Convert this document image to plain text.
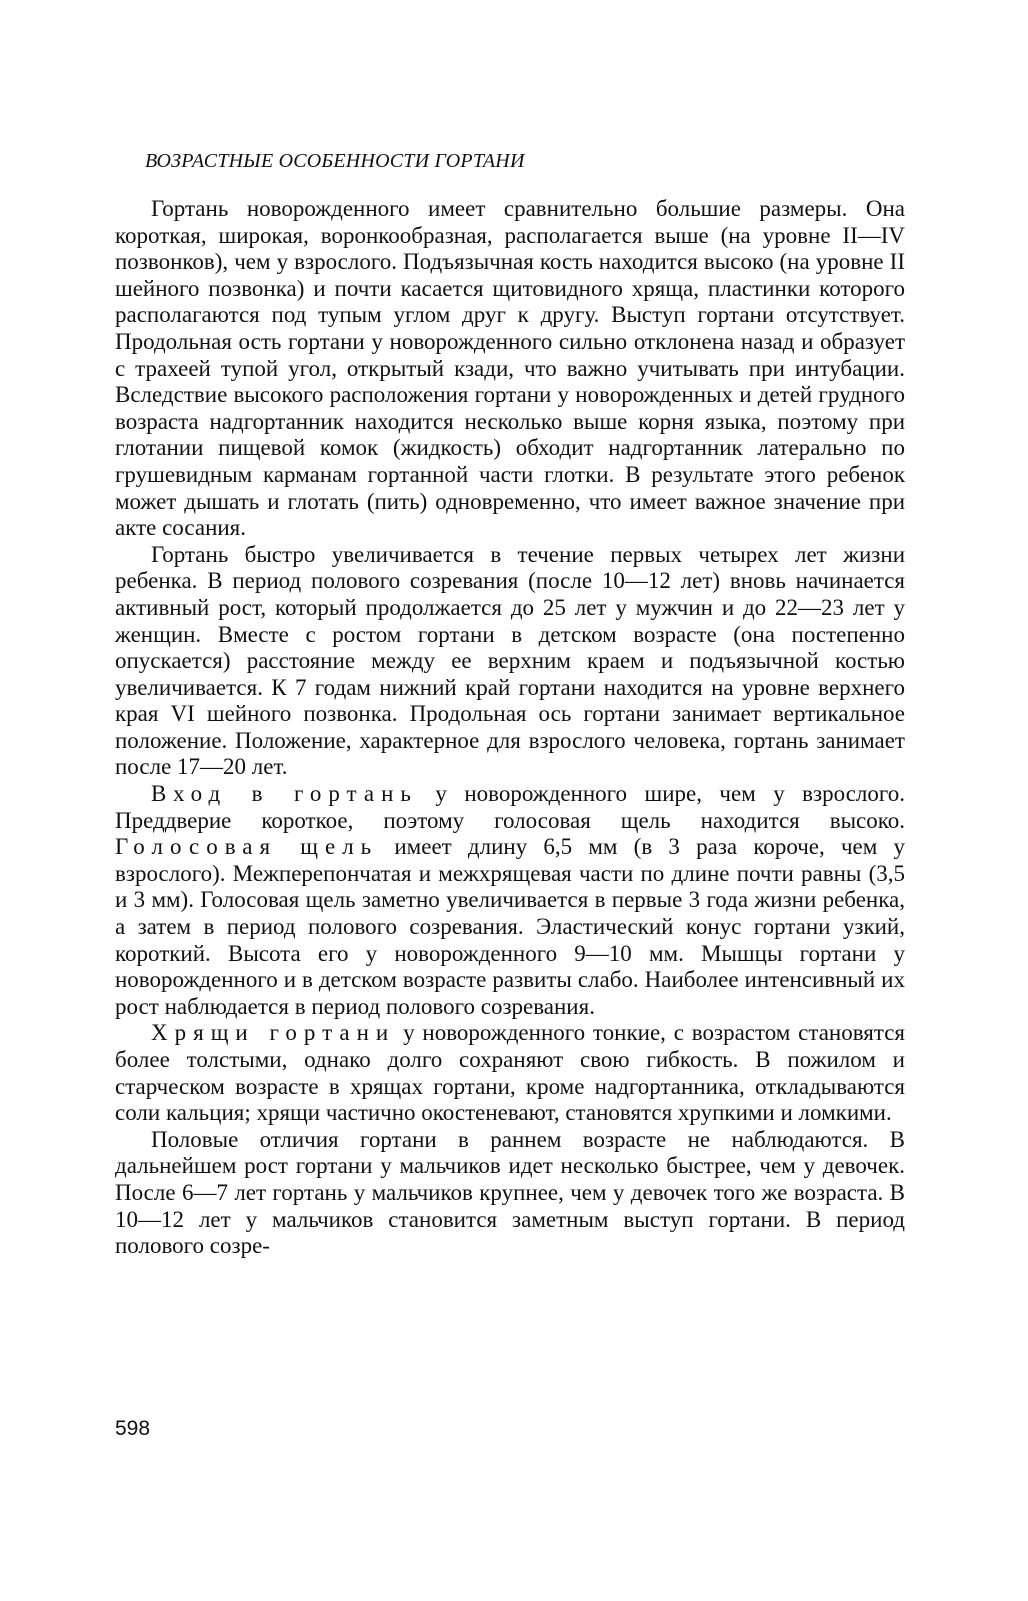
ВОЗРАСТНЫЕ ОСОБЕННОСТИ ГОРТАНИ

Гортань новорожденного имеет сравнительно большие размеры. Она короткая, широкая, воронкообразная, располагается выше (на уровне II—IV позвонков), чем у взрослого. Подъязычная кость находится высоко (на уровне II шейного позвонка) и почти касается щитовидного хряща, пластинки которого располагаются под тупым углом друг к другу. Выступ гортани отсутствует. Продольная ость гортани у новорожденного сильно отклонена назад и образует с трахеей тупой угол, открытый кзади, что важно учитывать при интубации. Вследствие высокого расположения гортани у новорожденных и детей грудного возраста надгортанник находится несколько выше корня языка, поэтому при глотании пищевой комок (жидкость) обходит надгортанник латерально по грушевидным карманам гортанной части глотки. В результате этого ребенок может дышать и глотать (пить) одновременно, что имеет важное значение при акте сосания.

Гортань быстро увеличивается в течение первых четырех лет жизни ребенка. В период полового созревания (после 10—12 лет) вновь начинается активный рост, который продолжается до 25 лет у мужчин и до 22—23 лет у женщин. Вместе с ростом гортани в детском возрасте (она постепенно опускается) расстояние между ее верхним краем и подъязычной костью увеличивается. К 7 годам нижний край гортани находится на уровне верхнего края VI шейного позвонка. Продольная ось гортани занимает вертикальное положение. Положение, характерное для взрослого человека, гортань занимает после 17—20 лет.

Вход в гортань у новорожденного шире, чем у взрослого. Преддверие короткое, поэтому голосовая щель находится высоко. Голосовая щель имеет длину 6,5 мм (в 3 раза короче, чем у взрослого). Межперепончатая и межхрящевая части по длине почти равны (3,5 и 3 мм). Голосовая щель заметно увеличивается в первые 3 года жизни ребенка, а затем в период полового созревания. Эластический конус гортани узкий, короткий. Высота его у новорожденного 9—10 мм. Мышцы гортани у новорожденного и в детском возрасте развиты слабо. Наиболее интенсивный их рост наблюдается в период полового созревания.

Хрящи гортани у новорожденного тонкие, с возрастом становятся более толстыми, однако долго сохраняют свою гибкость. В пожилом и старческом возрасте в хрящах гортани, кроме надгортанника, откладываются соли кальция; хрящи частично окостеневают, становятся хрупкими и ломкими.

Половые отличия гортани в раннем возрасте не наблюдаются. В дальнейшем рост гортани у мальчиков идет несколько быстрее, чем у девочек. После 6—7 лет гортань у мальчиков крупнее, чем у девочек того же возраста. В 10—12 лет у мальчиков становится заметным выступ гортани. В период полового созре-

598
